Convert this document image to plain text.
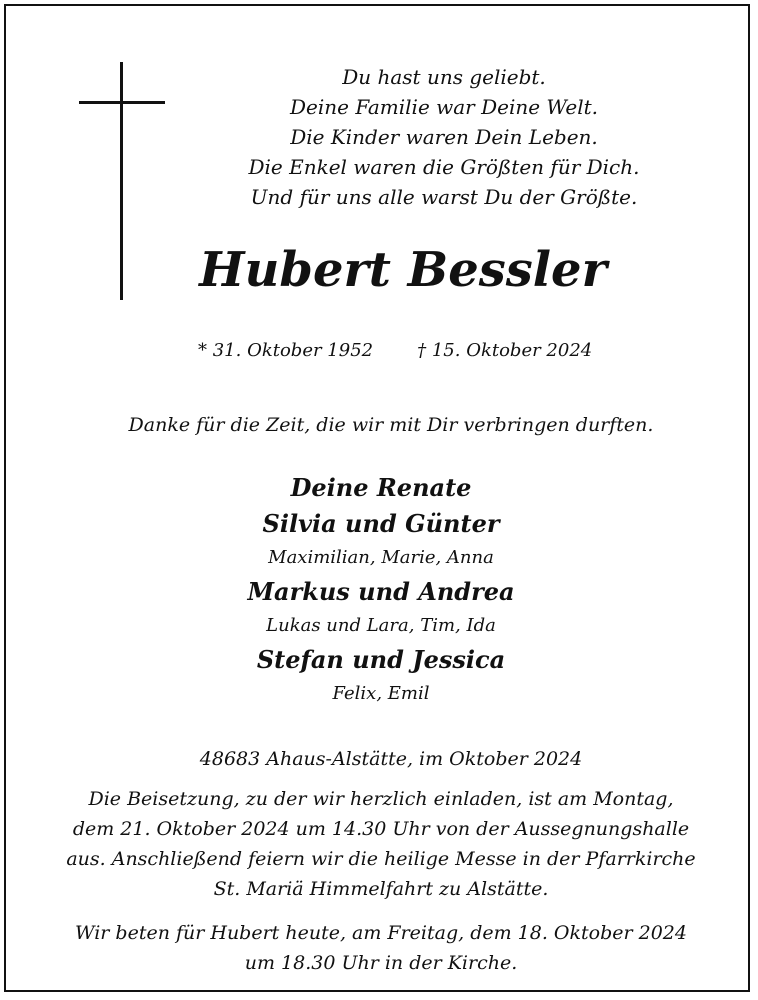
Du hast uns geliebt.
Deine Familie war Deine Welt.
Die Kinder waren Dein Leben.
Die Enkel waren die Größten für Dich.
Und für uns alle warst Du der Größte.
Hubert Bessler
* 31. Oktober 1952 † 15. Oktober 2024
Danke für die Zeit, die wir mit Dir verbringen durften.
Deine Renate
Silvia und Günter
Maximilian, Marie, Anna
Markus und Andrea
Lukas und Lara, Tim, Ida
Stefan und Jessica
Felix, Emil
48683 Ahaus-Alstätte, im Oktober 2024
Die Beisetzung, zu der wir herzlich einladen, ist am Montag,
dem 21. Oktober 2024 um 14.30 Uhr von der Aussegnungshalle
aus. Anschließend feiern wir die heilige Messe in der Pfarrkirche
St. Mariä Himmelfahrt zu Alstätte.
Wir beten für Hubert heute, am Freitag, dem 18. Oktober 2024
um 18.30 Uhr in der Kirche.
